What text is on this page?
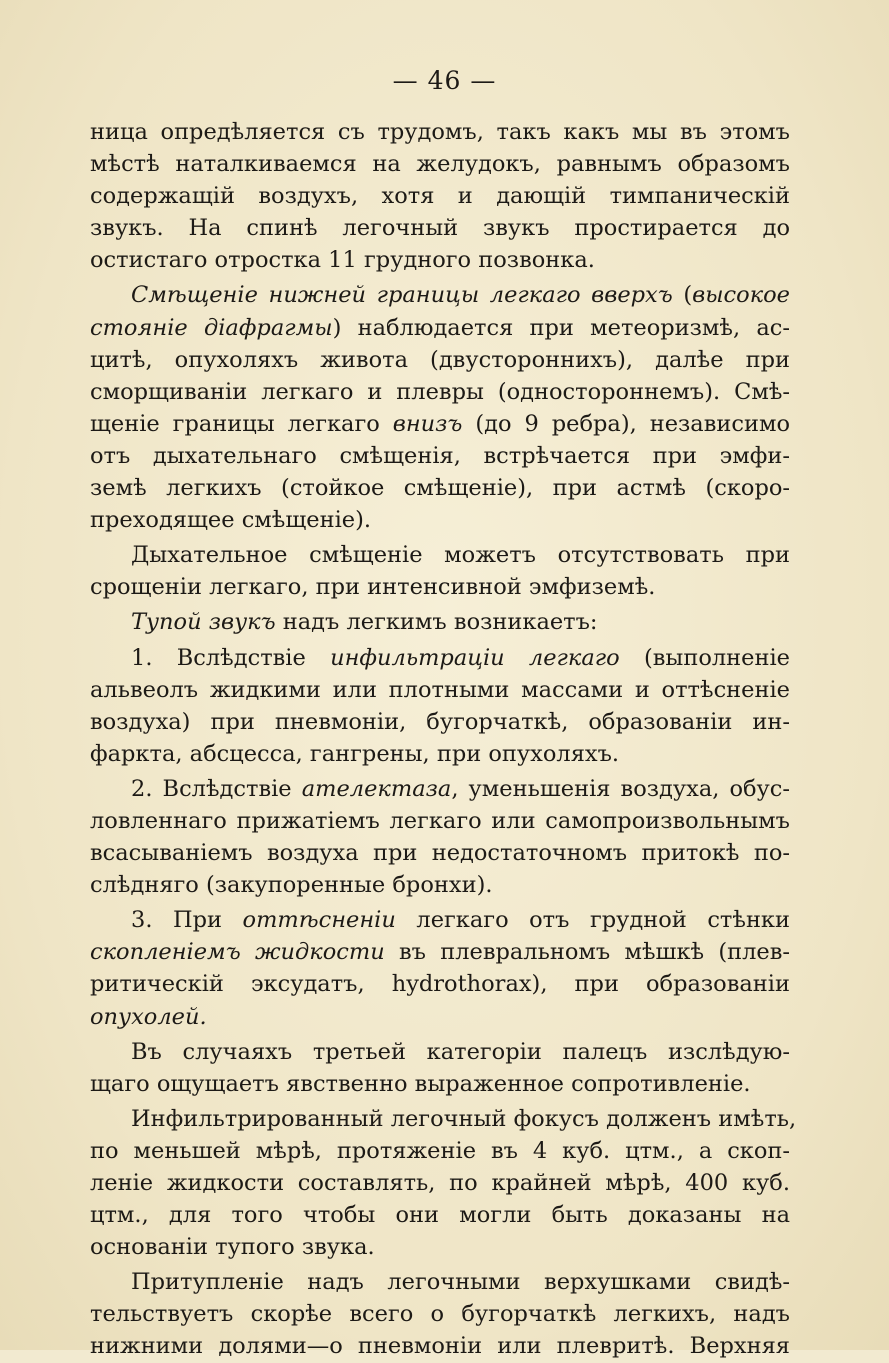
— 46 —
ница опредѣляется съ трудомъ, такъ какъ мы въ этомъ
мѣстѣ наталкиваемся на желудокъ, равнымъ образомъ
содержащій воздухъ, хотя и дающій тимпаническій
звукъ. На спинѣ легочный звукъ простирается до
остистаго отростка 11 грудного позвонка.
Смѣщеніе нижней границы легкаго вверхъ (высокое
стояніе діафрагмы) наблюдается при метеоризмѣ, ас-
цитѣ, опухоляхъ живота (двустороннихъ), далѣе при
сморщиваніи легкаго и плевры (одностороннемъ). Смѣ-
щеніе границы легкаго внизъ (до 9 ребра), независимо
отъ дыхательнаго смѣщенія, встрѣчается при эмфи-
земѣ легкихъ (стойкое смѣщеніе), при астмѣ (скоро-
преходящее смѣщеніе).
Дыхательное смѣщеніе можетъ отсутствовать при
срощеніи легкаго, при интенсивной эмфиземѣ.
Тупой звукъ надъ легкимъ возникаетъ:
1. Вслѣдствіе инфильтраціи легкаго (выполненіе
альвеолъ жидкими или плотными массами и оттѣсненіе
воздуха) при пневмоніи, бугорчаткѣ, образованіи ин-
фаркта, абсцесса, гангрены, при опухоляхъ.
2. Вслѣдствіе ателектаза, уменьшенія воздуха, обус-
ловленнаго прижатіемъ легкаго или самопроизвольнымъ
всасываніемъ воздуха при недостаточномъ притокѣ по-
слѣдняго (закупоренные бронхи).
3. При оттѣсненіи легкаго отъ грудной стѣнки
скопленіемъ жидкости въ плевральномъ мѣшкѣ (плев-
ритическій эксудатъ, hydrothorax), при образованіи
опухолей.
Въ случаяхъ третьей категоріи палецъ изслѣдую-
щаго ощущаетъ явственно выраженное сопротивленіе.
Инфильтрированный легочный фокусъ долженъ имѣть,
по меньшей мѣрѣ, протяженіе въ 4 куб. цтм., а скоп-
леніе жидкости составлять, по крайней мѣрѣ, 400 куб.
цтм., для того чтобы они могли быть доказаны на
основаніи тупого звука.
Притупленіе надъ легочными верхушками свидѣ-
тельствуетъ скорѣе всего о бугорчаткѣ легкихъ, надъ
нижними долями—о пневмоніи или плевритѣ. Верхняя
